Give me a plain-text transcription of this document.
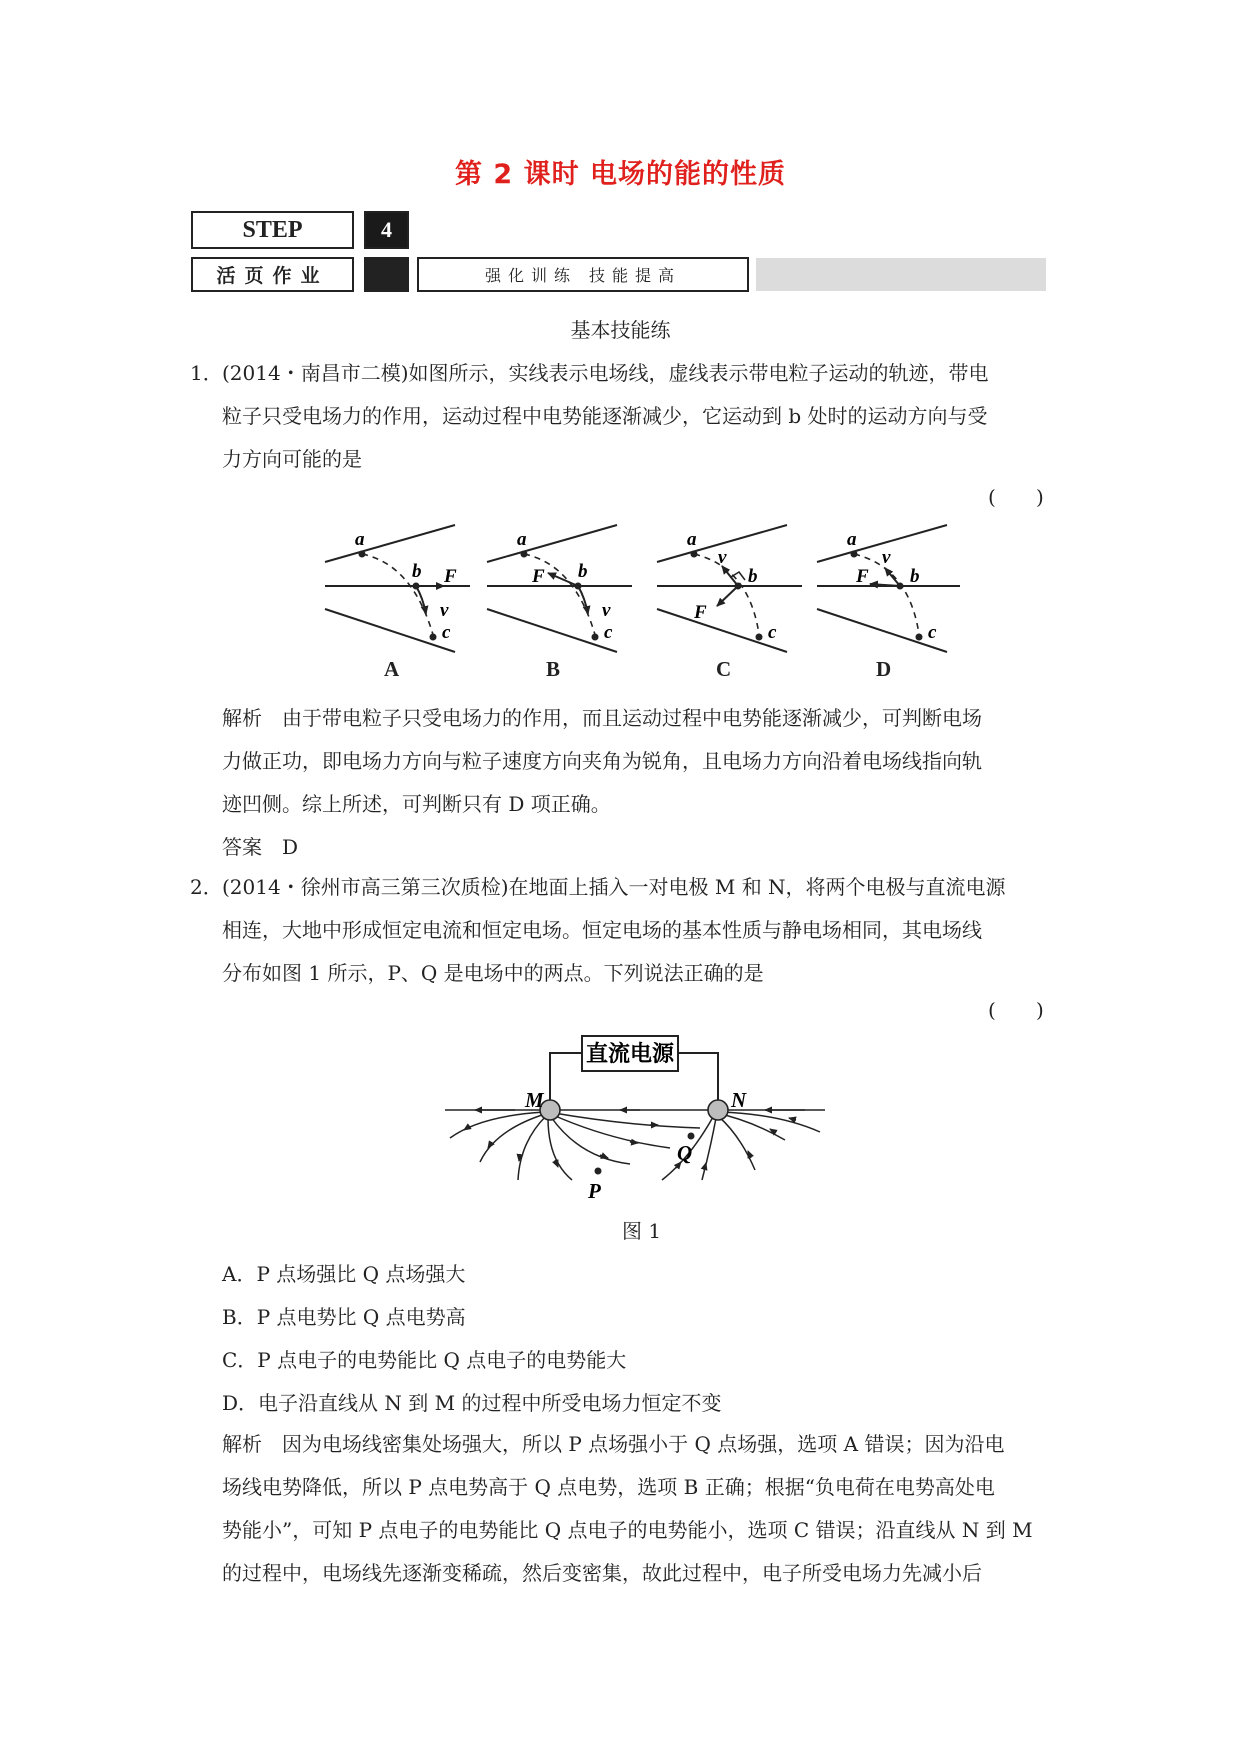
第 2 课时 电场的能的性质
STEP	4
活页作业	强化训练 技能提高
基本技能练
1． (2014・南昌市二模)如图所示，实线表示电场线，虚线表示带电粒子运动的轨迹，带电
粒子只受电场力的作用，运动过程中电势能逐渐减少，它运动到 b 处时的运动方向与受
力方向可能的是
( )
a
b F
v
c
a
b
F
v
c
a
v
b
F
c
a
v
b
F
c
A	B	C	D
解析　由于带电粒子只受电场力的作用，而且运动过程中电势能逐渐减少，可判断电场
力做正功，即电场力方向与粒子速度方向夹角为锐角，且电场力方向沿着电场线指向轨
迹凹侧。综上所述，可判断只有 D 项正确。
答案　D
2． (2014・徐州市高三第三次质检)在地面上插入一对电极 M 和 N，将两个电极与直流电源
相连，大地中形成恒定电流和恒定电场。恒定电场的基本性质与静电场相同，其电场线
分布如图 1 所示，P、Q 是电场中的两点。下列说法正确的是
( )
直流电源
M	N
P
Q
图 1
A．P 点场强比 Q 点场强大
B．P 点电势比 Q 点电势高
C．P 点电子的电势能比 Q 点电子的电势能大
D．电子沿直线从 N 到 M 的过程中所受电场力恒定不变
解析　因为电场线密集处场强大，所以 P 点场强小于 Q 点场强，选项 A 错误；因为沿电
场线电势降低，所以 P 点电势高于 Q 点电势，选项 B 正确；根据“负电荷在电势高处电
势能小”，可知 P 点电子的电势能比 Q 点电子的电势能小，选项 C 错误；沿直线从 N 到 M
的过程中，电场线先逐渐变稀疏，然后变密集，故此过程中，电子所受电场力先减小后
